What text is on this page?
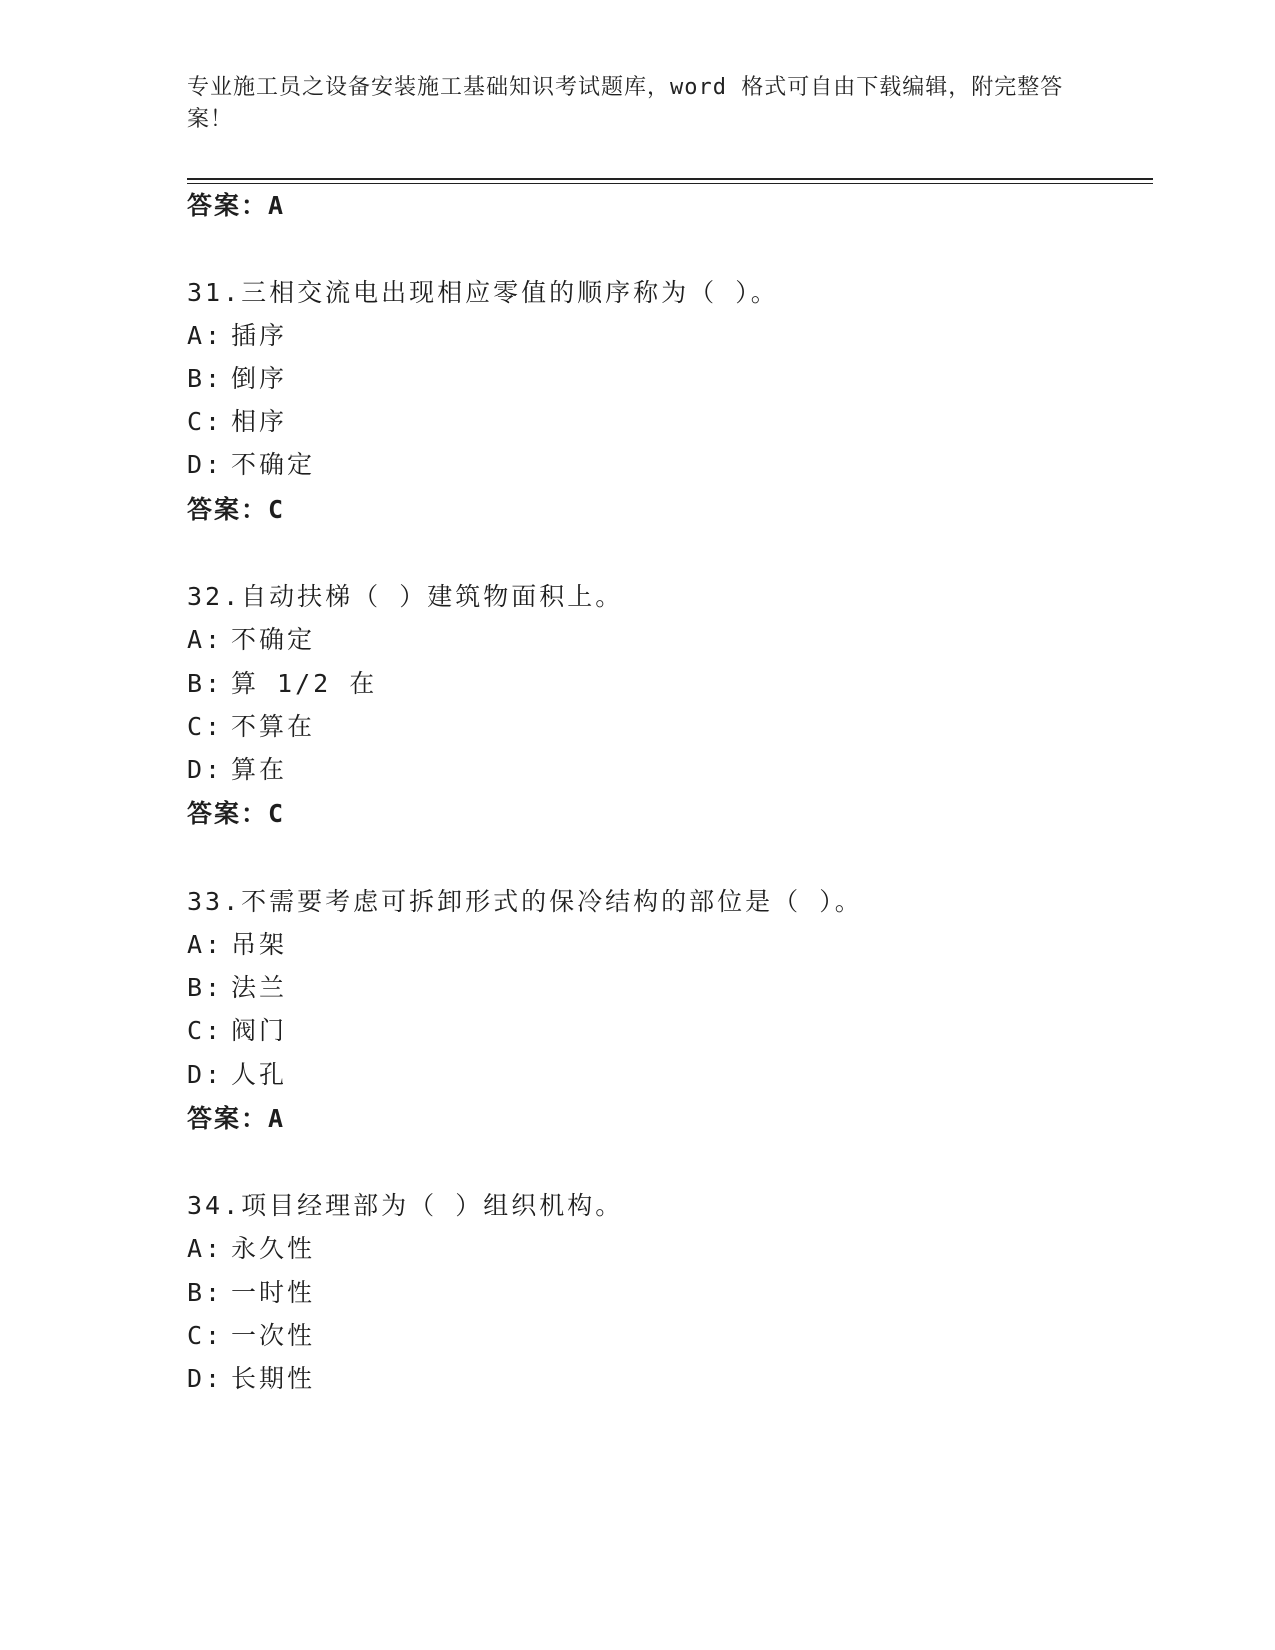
专业施工员之设备安装施工基础知识考试题库，word 格式可自由下载编辑，附完整答案！
答案：A
31.三相交流电出现相应零值的顺序称为（ ）。
A: 插序
B: 倒序
C: 相序
D: 不确定
答案：C
32.自动扶梯（ ）建筑物面积上。
A: 不确定
B: 算 1/2 在
C: 不算在
D: 算在
答案：C
33.不需要考虑可拆卸形式的保冷结构的部位是（ ）。
A: 吊架
B: 法兰
C: 阀门
D: 人孔
答案：A
34.项目经理部为（ ）组织机构。
A: 永久性
B: 一时性
C: 一次性
D: 长期性
